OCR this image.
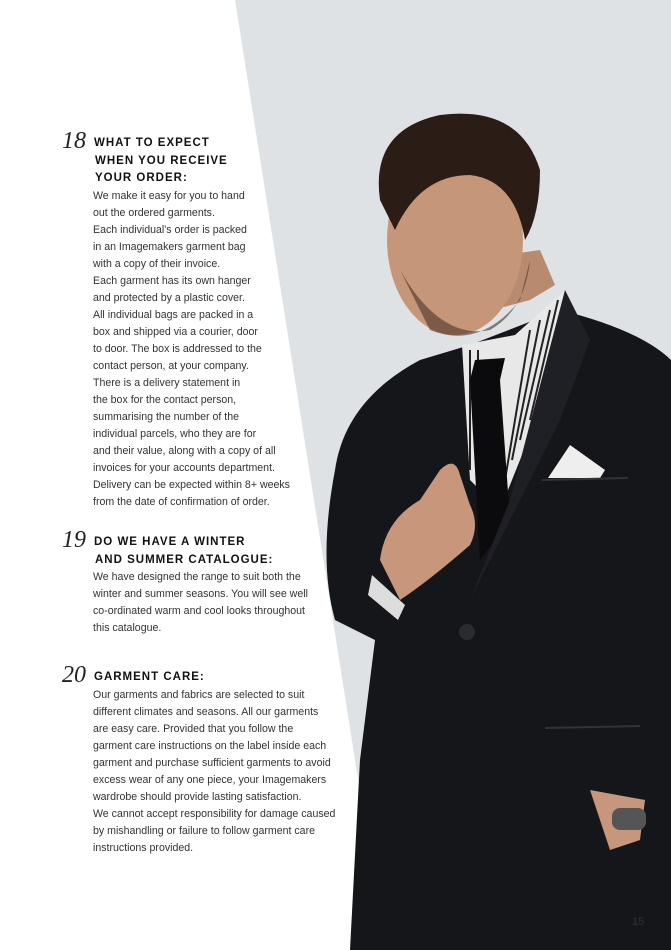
18 WHAT TO EXPECT
WHEN YOU RECEIVE
YOUR ORDER:
We make it easy for you to hand
out the ordered garments.
Each individual's order is packed
in an Imagemakers garment bag
with a copy of their invoice.
Each garment has its own hanger
and protected by a plastic cover.
All individual bags are packed in a
box and shipped via a courier, door
to door. The box is addressed to the
contact person, at your company.
There is a delivery statement in
the box for the contact person,
summarising the number of the
individual parcels, who they are for
and their value, along with a copy of all
invoices for your accounts department.
Delivery can be expected within 8+ weeks
from the date of confirmation of order.
19 DO WE HAVE A WINTER
AND SUMMER CATALOGUE:
We have designed the range to suit both the
winter and summer seasons. You will see well
co-ordinated warm and cool looks throughout
this catalogue.
20 GARMENT CARE:
Our garments and fabrics are selected to suit
different climates and seasons. All our garments
are easy care. Provided that you follow the
garment care instructions on the label inside each
garment and purchase sufficient garments to avoid
excess wear of any one piece, your Imagemakers
wardrobe should provide lasting satisfaction.
We cannot accept responsibility for damage caused
by mishandling or failure to follow garment care
instructions provided.
15
